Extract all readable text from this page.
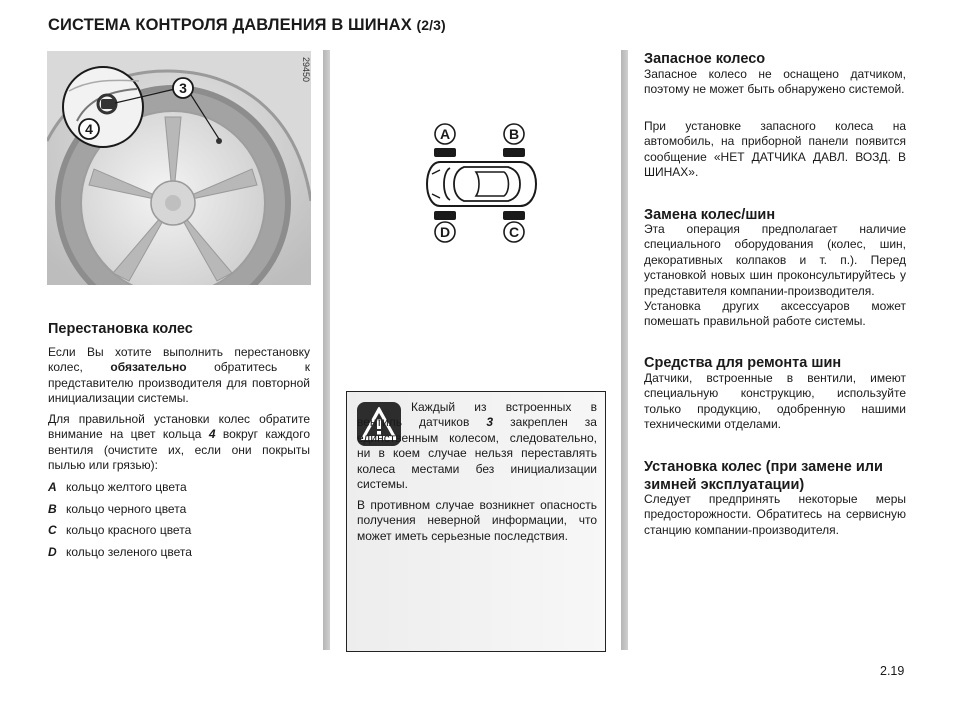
СИСТЕМА КОНТРОЛЯ ДАВЛЕНИЯ В ШИНАХ (2/3)
3
4
29450
A	B
D	C
Перестановка колес
Если Вы хотите выполнить перестановку колес, обязательно обратитесь к представителю производителя для повторной инициализации системы.
Для правильной установки колес обратите внимание на цвет кольца 4 вокруг каждого вентиля (очистите их, если они покрыты пылью или грязью):
A кольцо желтого цвета
B кольцо черного цвета
C кольцо красного цвета
D кольцо зеленого цвета
Каждый из встроенных в вентиль датчиков 3 закреплен за единственным колесом, следовательно, ни в коем случае нельзя переставлять колеса местами без инициализации системы.
В противном случае возникнет опасность получения неверной информации, что может иметь серьезные последствия.
Запасное колесо
Запасное колесо не оснащено датчиком, поэтому не может быть обнаружено системой.
При установке запасного колеса на автомобиль, на приборной панели появится сообщение «НЕТ ДАТЧИКА ДАВЛ. ВОЗД. В ШИНАХ».
Замена колес/шин
Эта операция предполагает наличие специального оборудования (колес, шин, декоративных колпаков и т. п.). Перед установкой новых шин проконсультируйтесь у представителя компании-производителя.
Установка других аксессуаров может помешать правильной работе системы.
Средства для ремонта шин
Датчики, встроенные в вентили, имеют специальную конструкцию, используйте только продукцию, одобренную нашими техническими отделами.
Установка колес (при замене или зимней эксплуатации)
Следует предпринять некоторые меры предосторожности. Обратитесь на сервисную станцию компании-производителя.
2.19
